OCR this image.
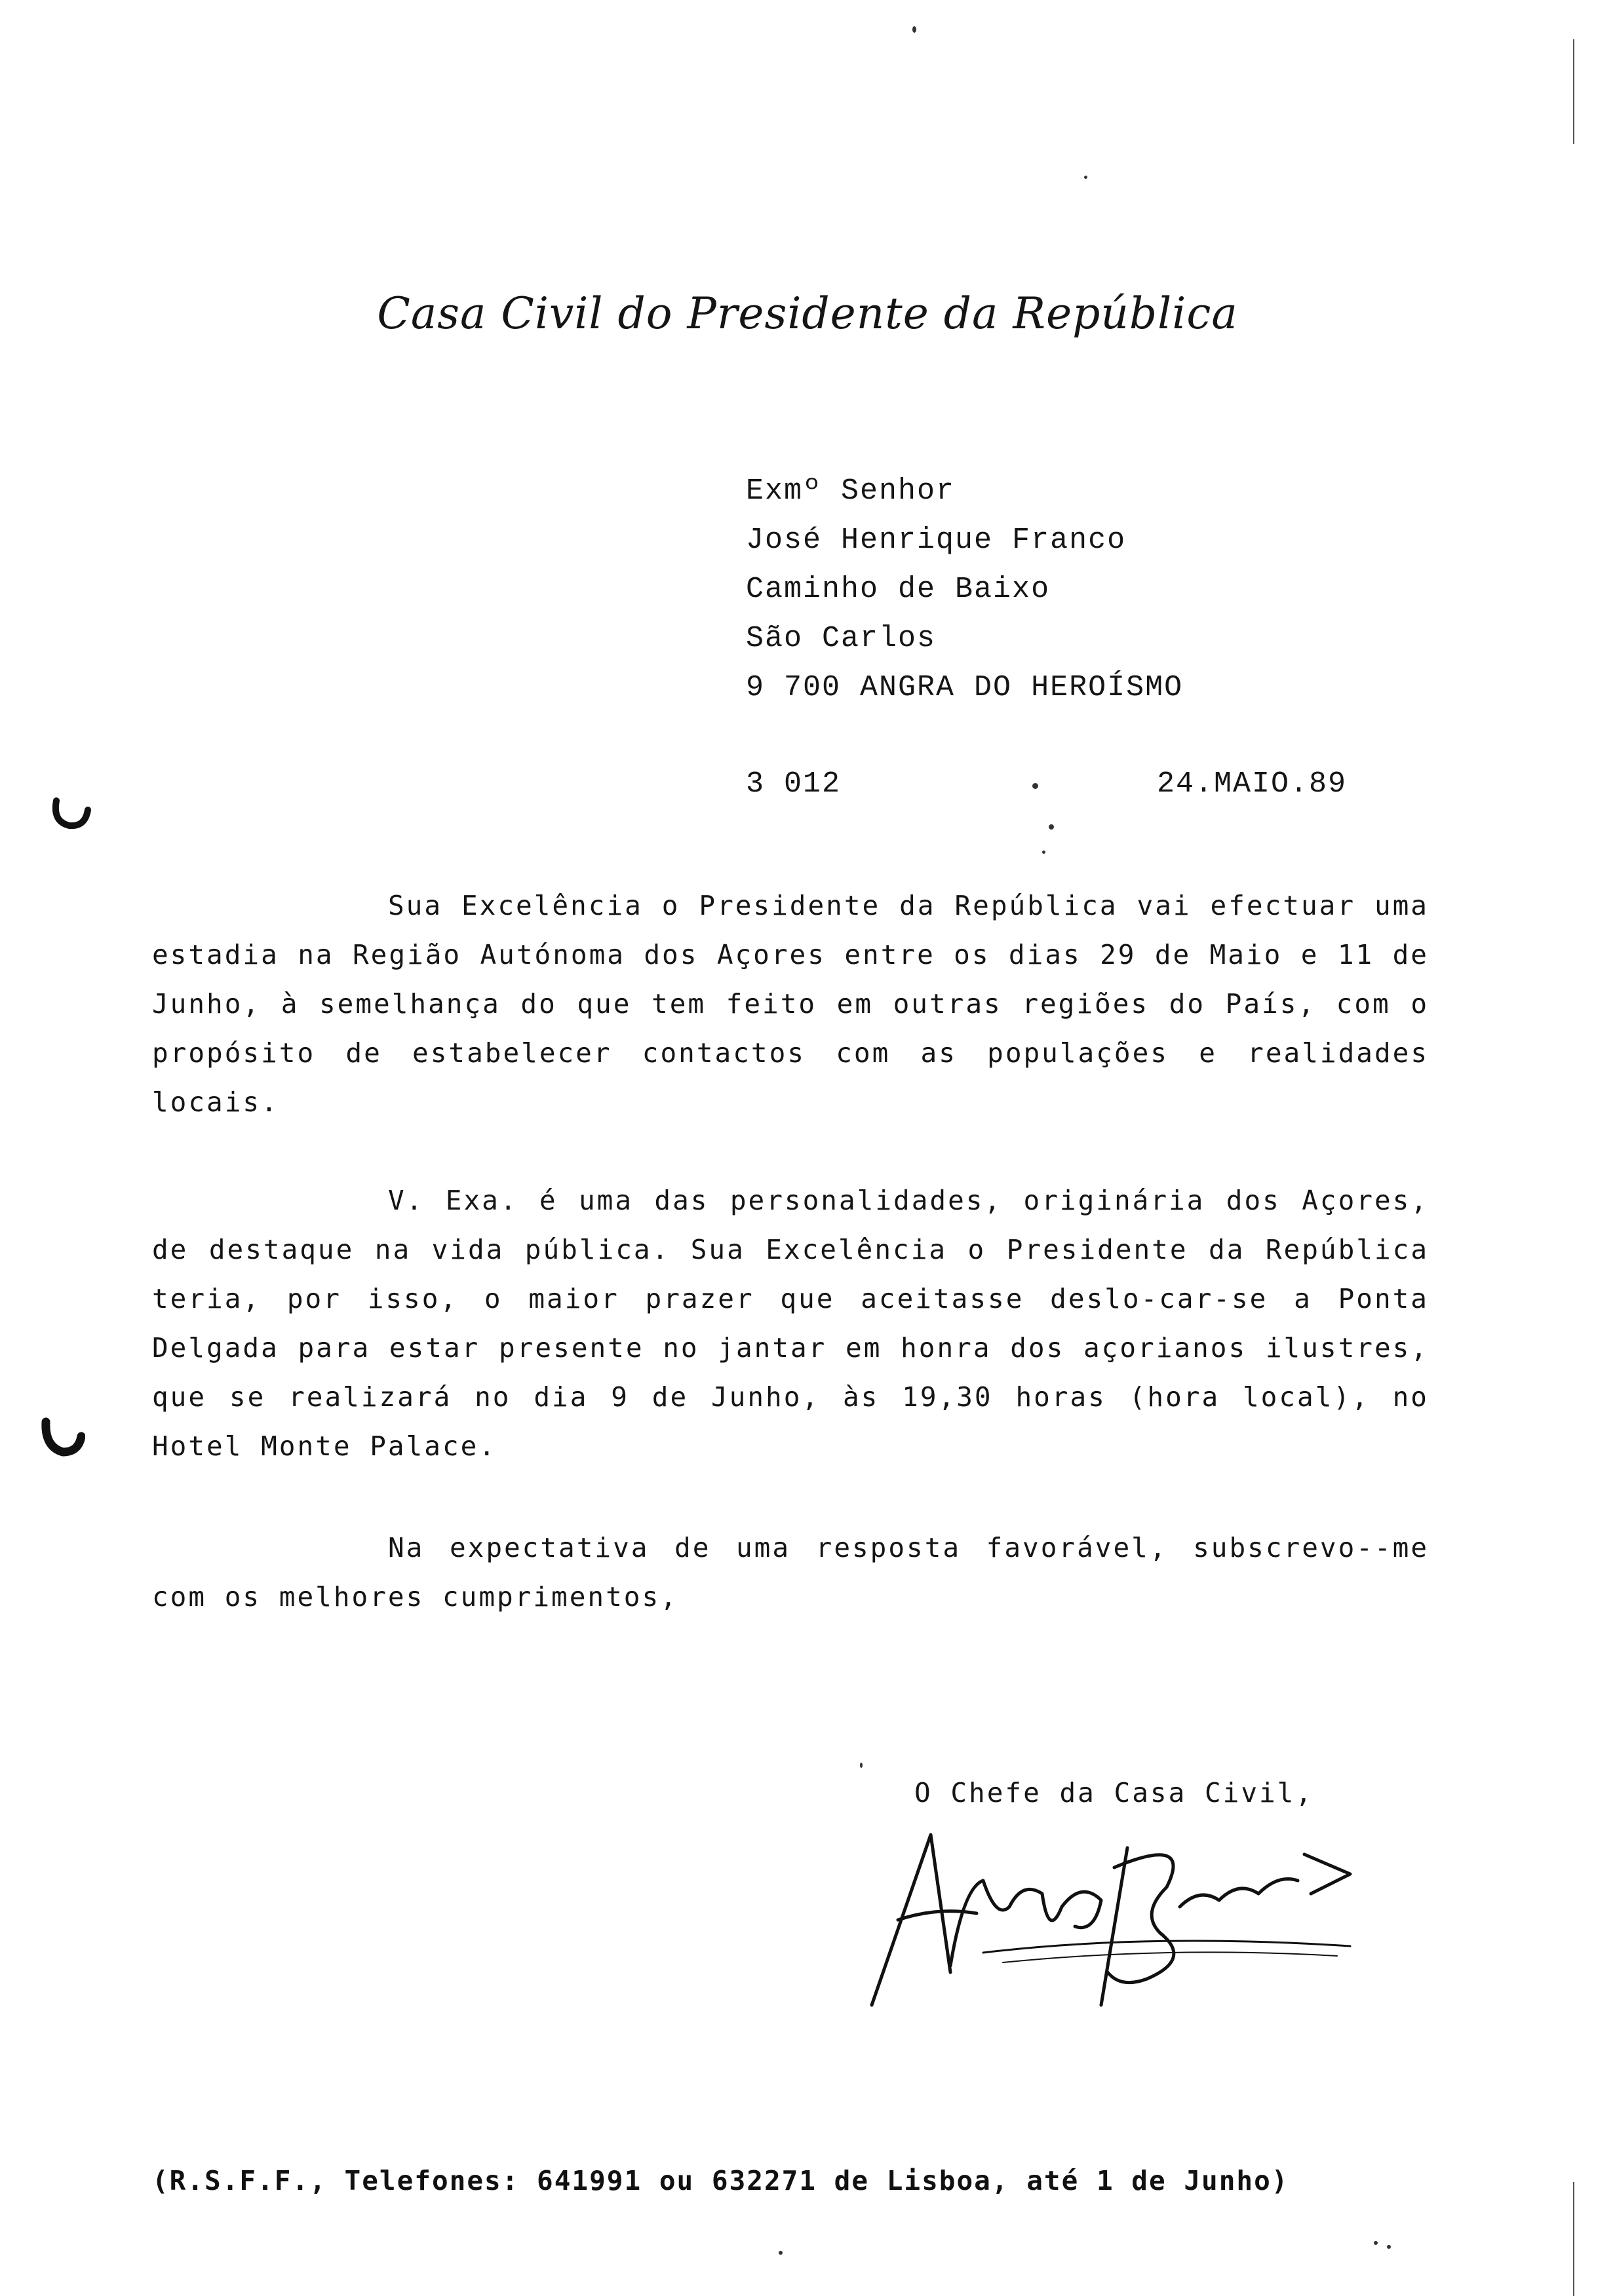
Casa Civil do Presidente da República
Exmº Senhor
José Henrique Franco
Caminho de Baixo
São Carlos
9 700 ANGRA DO HEROÍSMO
3 012	24.MAIO.89

Sua Excelência o Presidente da República vai efectuar uma estadia na Região Autónoma dos Açores entre os dias 29 de Maio e 11 de Junho, à semelhança do que tem feito em outras regiões do País, com o propósito de estabelecer contactos com as populações e realidades locais.

V. Exa. é uma das personalidades, originária dos Açores, de destaque na vida pública. Sua Excelência o Presidente da República teria, por isso, o maior prazer que aceitasse deslo-car-se a Ponta Delgada para estar presente no jantar em honra dos açorianos ilustres, que se realizará no dia 9 de Junho, às 19,30 horas (hora local), no Hotel Monte Palace.

Na expectativa de uma resposta favorável, subscrevo--me com os melhores cumprimentos,

O Chefe da Casa Civil,
(R.S.F.F., Telefones: 641991 ou 632271 de Lisboa, até 1 de Junho)
